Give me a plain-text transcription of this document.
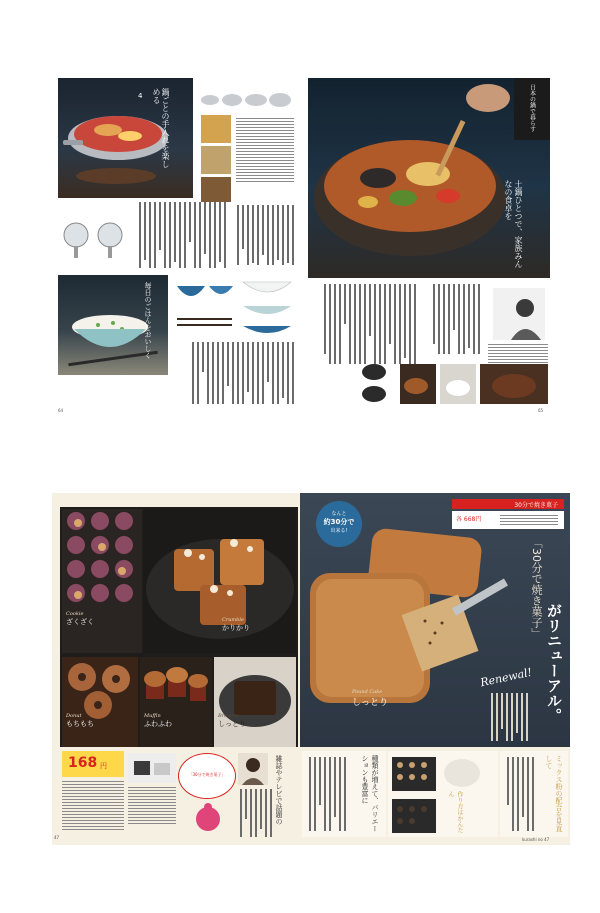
鍋ごとの手入れを楽しめる
4
毎日のごはんをおいしく
64
日本の鍋で暮らす
土鍋ひとつで、家族みんなの食卓を
65
Cookie
ざくざく	Crumble
かりかり
Donut
もちもち
Muffin
ふわふわ
Brownie
しっとり
168 円
「30分で焼き菓子」	雑誌やテレビで話題の
47
なんと
約30分で
出来る!
30分で焼き菓子
各 668円
「30分で焼き菓子」
がリニューアル。
Renewal!
Pound Cake
しっとり
種類が増えて、バリエーションも豊富に
作り方はかんたん	ミックス粉の配合を見直して
kurashi no 47
